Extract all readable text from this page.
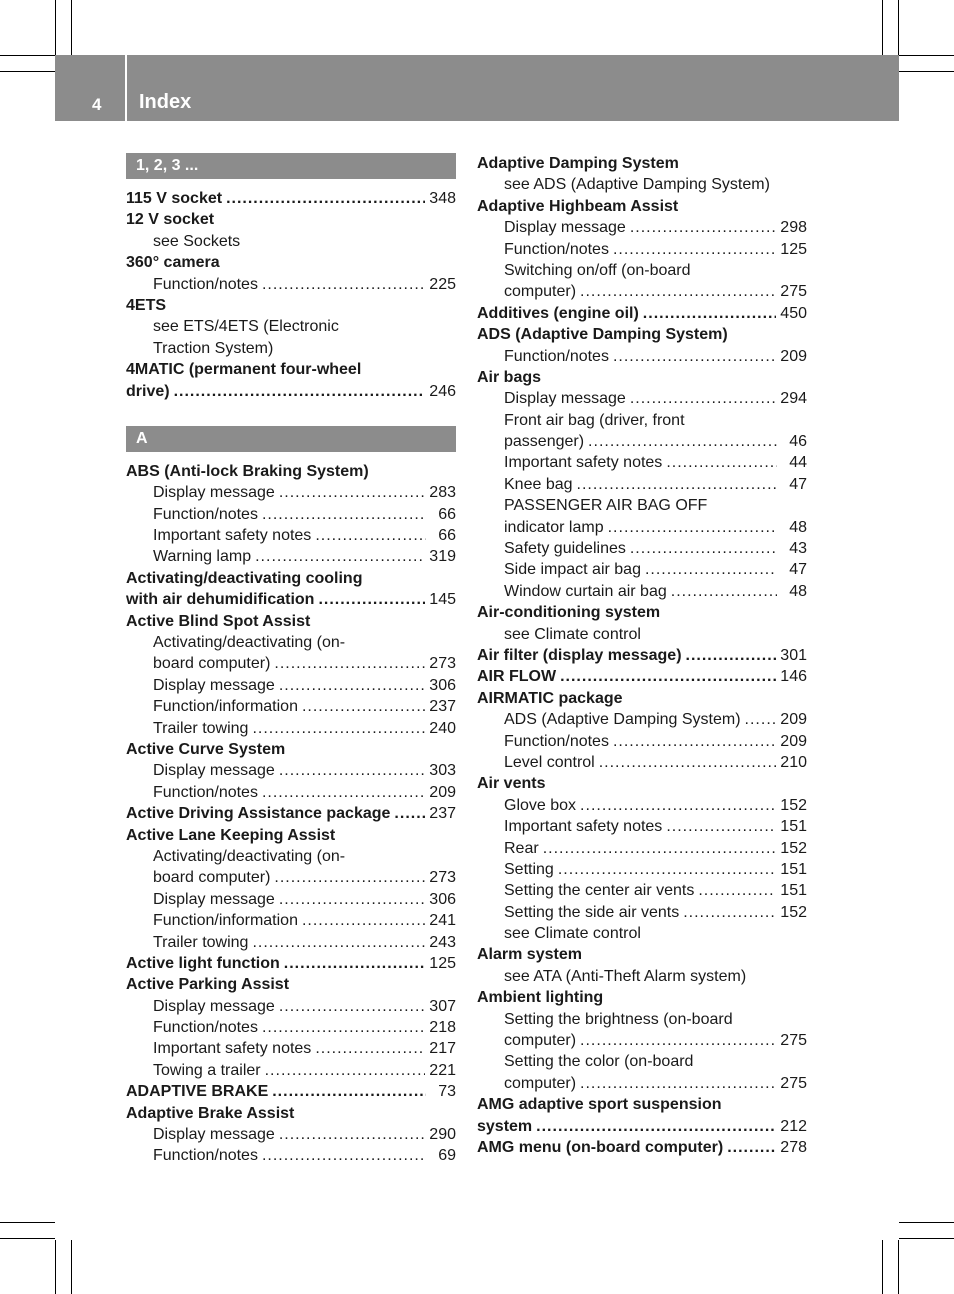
4 Index
1, 2, 3 ...
115 V socket .....	348
12 V socket
see Sockets
360° camera
Function/notes .....	225
4ETS
see ETS/4ETS (Electronic
Traction System)
4MATIC (permanent four-wheel
drive) .....	246
A
ABS (Anti-lock Braking System)
Display message .....	283
Function/notes .....	66
Important safety notes .....	66
Warning lamp .....	319
Activating/deactivating cooling
with air dehumidification .....	145
Active Blind Spot Assist
Activating/deactivating (on-
board computer) .....	273
Display message .....	306
Function/information .....	237
Trailer towing .....	240
Active Curve System
Display message .....	303
Function/notes .....	209
Active Driving Assistance package ..... 237
Active Lane Keeping Assist
Activating/deactivating (on-
board computer) .....	273
Display message .....	306
Function/information .....	241
Trailer towing .....	243
Active light function .....	125
Active Parking Assist
Display message .....	307
Function/notes .....	218
Important safety notes .....	217
Towing a trailer .....	221
ADAPTIVE BRAKE .....	73
Adaptive Brake Assist
Display message .....	290
Function/notes .....	69
Adaptive Damping System
see ADS (Adaptive Damping System)
Adaptive Highbeam Assist
Display message .....	298
Function/notes .....	125
Switching on/off (on-board
computer) .....	275
Additives (engine oil) .....	450
ADS (Adaptive Damping System)
Function/notes .....	209
Air bags
Display message .....	294
Front air bag (driver, front
passenger) .....	46
Important safety notes .....	44
Knee bag .....	47
PASSENGER AIR BAG OFF
indicator lamp .....	48
Safety guidelines .....	43
Side impact air bag .....	47
Window curtain air bag .....	48
Air-conditioning system
see Climate control
Air filter (display message) .....	301
AIR FLOW .....	146
AIRMATIC package
ADS (Adaptive Damping System) ..... 209
Function/notes .....	209
Level control .....	210
Air vents
Glove box .....	152
Important safety notes .....	151
Rear .....	152
Setting .....	151
Setting the center air vents .....	151
Setting the side air vents .....	152
see Climate control
Alarm system
see ATA (Anti-Theft Alarm system)
Ambient lighting
Setting the brightness (on-board
computer) .....	275
Setting the color (on-board
computer) .....	275
AMG adaptive sport suspension
system .....	212
AMG menu (on-board computer) .....	278
